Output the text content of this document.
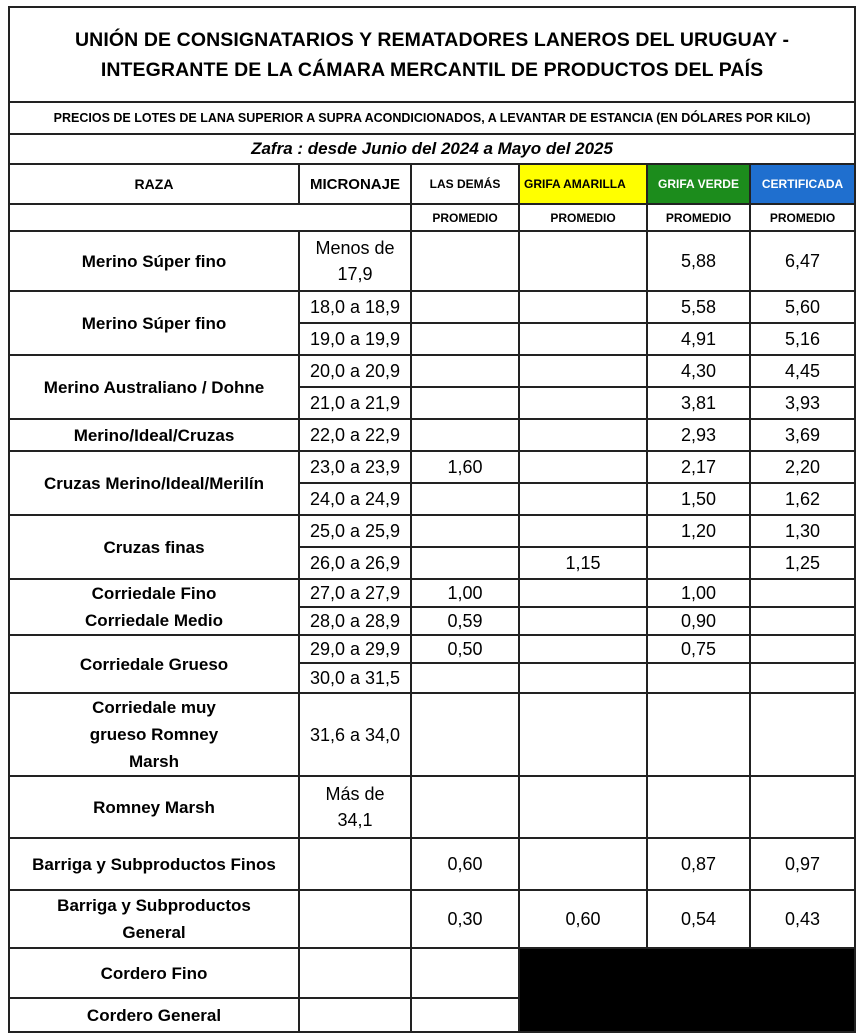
UNIÓN DE CONSIGNATARIOS Y REMATADORES LANEROS DEL URUGUAY - INTEGRANTE DE LA CÁMARA MERCANTIL DE PRODUCTOS DEL PAÍS					
PRECIOS DE LOTES DE LANA SUPERIOR A SUPRA ACONDICIONADOS, A LEVANTAR DE ESTANCIA (EN DÓLARES POR KILO)					
Zafra : desde Junio del 2024 a Mayo del 2025					
RAZA	MICRONAJE	LAS DEMÁS	GRIFA AMARILLA	GRIFA VERDE	CERTIFICADA
		PROMEDIO	PROMEDIO	PROMEDIO	PROMEDIO
Merino Súper fino	Menos de 17,9			5,88	6,47
Merino Súper fino	18,0 a 18,9			5,58	5,60
	19,0 a 19,9			4,91	5,16
Merino Australiano / Dohne	20,0 a 20,9			4,30	4,45
	21,0 a 21,9			3,81	3,93
Merino/Ideal/Cruzas	22,0 a 22,9			2,93	3,69
Cruzas Merino/Ideal/Merilín	23,0 a 23,9	1,60		2,17	2,20
	24,0 a 24,9			1,50	1,62
Cruzas finas	25,0 a 25,9			1,20	1,30
	26,0 a 26,9		1,15		1,25
Corriedale Fino	27,0 a 27,9	1,00		1,00	
Corriedale Medio	28,0 a 28,9	0,59		0,90	
Corriedale Grueso	29,0 a 29,9	0,50		0,75	
	30,0 a 31,5				
Corriedale muy grueso Romney Marsh	31,6 a 34,0				
Romney Marsh	Más de 34,1				
Barriga y Subproductos Finos		0,60		0,87	0,97
Barriga y Subproductos General		0,30	0,60	0,54	0,43
Cordero Fino					
Cordero General					
